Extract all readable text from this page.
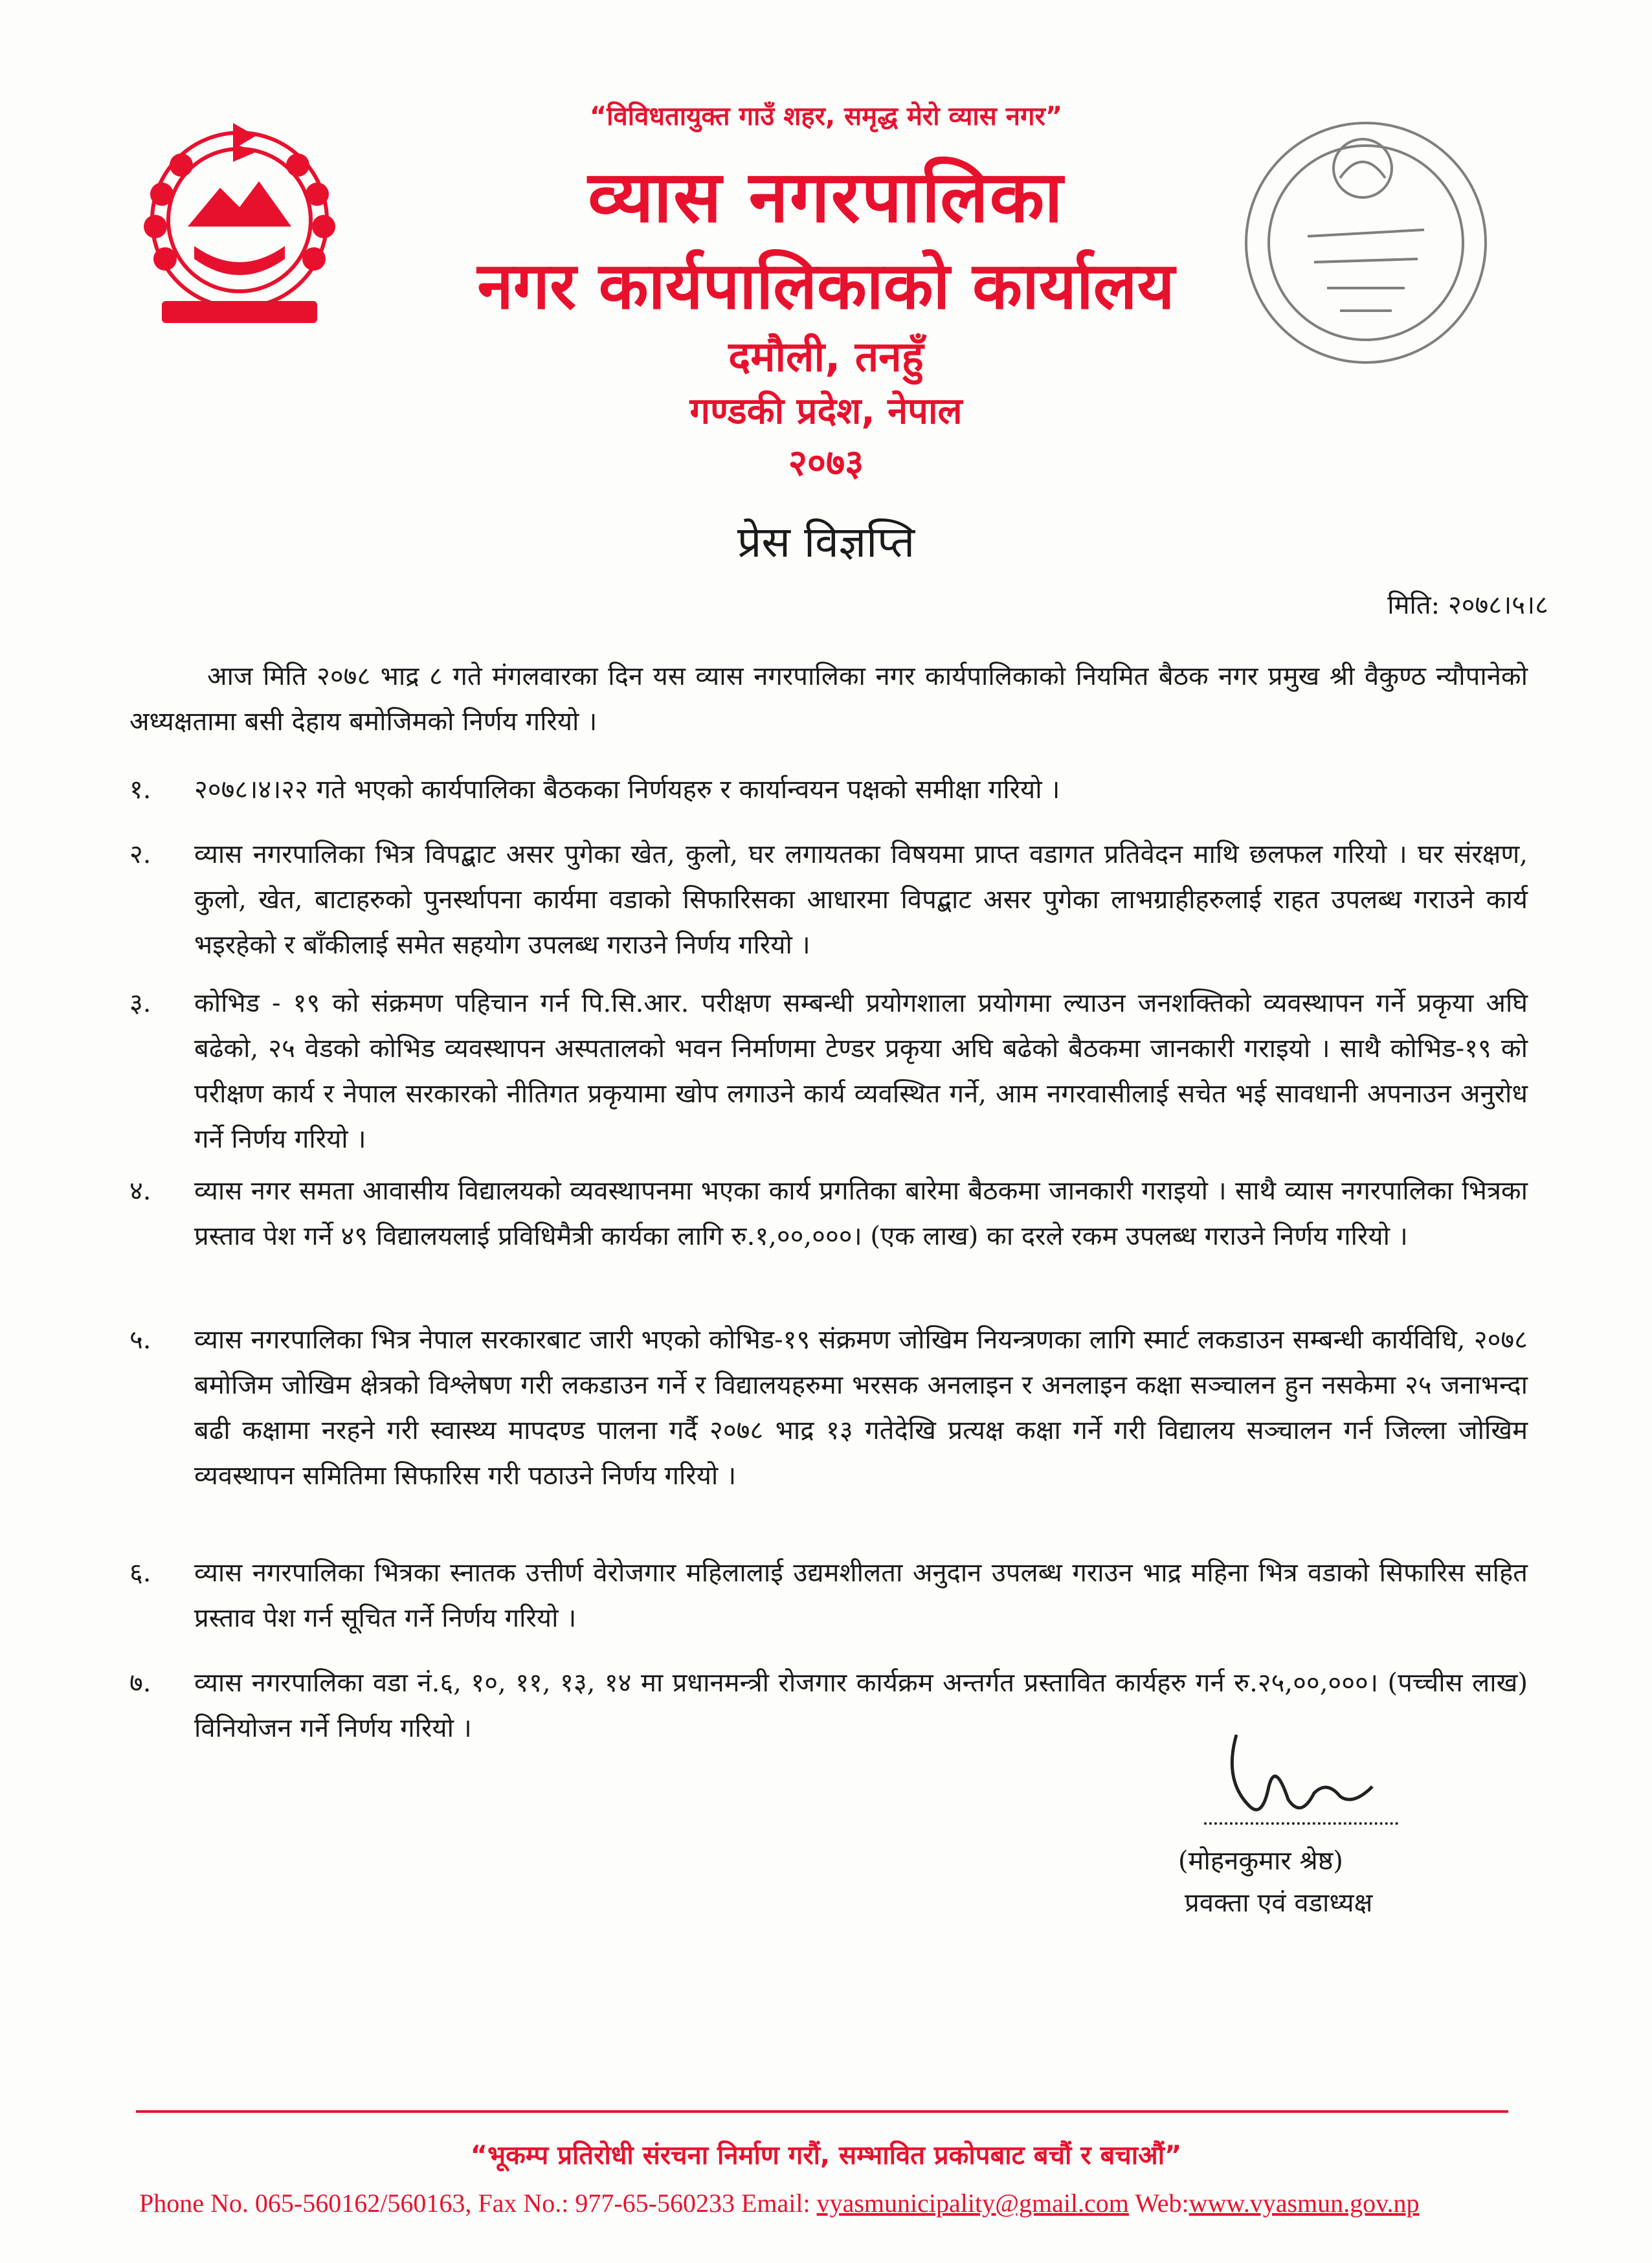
“विविधतायुक्त गाउँ शहर, समृद्ध मेरो व्यास नगर”
व्यास नगरपालिका
नगर कार्यपालिकाको कार्यालय
दमौली, तनहुँ
गण्डकी प्रदेश, नेपाल
२०७३
प्रेस विज्ञप्ति
मिति: २०७८।५।८
आज मिति २०७८ भाद्र ८ गते मंगलवारका दिन यस व्यास नगरपालिका नगर कार्यपालिकाको नियमित बैठक नगर प्रमुख श्री वैकुण्ठ न्यौपानेको अध्यक्षतामा बसी देहाय बमोजिमको निर्णय गरियो ।
१.	२०७८।४।२२ गते भएको कार्यपालिका बैठकका निर्णयहरु र कार्यान्वयन पक्षको समीक्षा गरियो ।
२.	व्यास नगरपालिका भित्र विपद्बाट असर पुगेका खेत, कुलो, घर लगायतका विषयमा प्राप्त वडागत प्रतिवेदन माथि छलफल गरियो । घर संरक्षण, कुलो, खेत, बाटाहरुको पुनर्स्थापना कार्यमा वडाको सिफारिसका आधारमा विपद्बाट असर पुगेका लाभग्राहीहरुलाई राहत उपलब्ध गराउने कार्य भइरहेको र बाँकीलाई समेत सहयोग उपलब्ध गराउने निर्णय गरियो ।
३.	कोभिड - १९ को संक्रमण पहिचान गर्न पि.सि.आर. परीक्षण सम्बन्धी प्रयोगशाला प्रयोगमा ल्याउन जनशक्तिको व्यवस्थापन गर्ने प्रकृया अघि बढेको, २५ वेडको कोभिड व्यवस्थापन अस्पतालको भवन निर्माणमा टेण्डर प्रकृया अघि बढेको बैठकमा जानकारी गराइयो । साथै कोभिड-१९ को परीक्षण कार्य र नेपाल सरकारको नीतिगत प्रकृयामा खोप लगाउने कार्य व्यवस्थित गर्ने, आम नगरवासीलाई सचेत भई सावधानी अपनाउन अनुरोध गर्ने निर्णय गरियो ।
४.	व्यास नगर समता आवासीय विद्यालयको व्यवस्थापनमा भएका कार्य प्रगतिका बारेमा बैठकमा जानकारी गराइयो । साथै व्यास नगरपालिका भित्रका प्रस्ताव पेश गर्ने ४९ विद्यालयलाई प्रविधिमैत्री कार्यका लागि रु.१,००,०००। (एक लाख) का दरले रकम उपलब्ध गराउने निर्णय गरियो ।
५.	व्यास नगरपालिका भित्र नेपाल सरकारबाट जारी भएको कोभिड-१९ संक्रमण जोखिम नियन्त्रणका लागि स्मार्ट लकडाउन सम्बन्धी कार्यविधि, २०७८ बमोजिम जोखिम क्षेत्रको विश्लेषण गरी लकडाउन गर्ने र विद्यालयहरुमा भरसक अनलाइन र अनलाइन कक्षा सञ्चालन हुन नसकेमा २५ जनाभन्दा बढी कक्षामा नरहने गरी स्वास्थ्य मापदण्ड पालना गर्दै २०७८ भाद्र १३ गतेदेखि प्रत्यक्ष कक्षा गर्ने गरी विद्यालय सञ्चालन गर्न जिल्ला जोखिम व्यवस्थापन समितिमा सिफारिस गरी पठाउने निर्णय गरियो ।
६.	व्यास नगरपालिका भित्रका स्नातक उत्तीर्ण वेरोजगार महिलालाई उद्यमशीलता अनुदान उपलब्ध गराउन भाद्र महिना भित्र वडाको सिफारिस सहित प्रस्ताव पेश गर्न सूचित गर्ने निर्णय गरियो ।
७.	व्यास नगरपालिका वडा नं.६, १०, ११, १३, १४ मा प्रधानमन्त्री रोजगार कार्यक्रम अन्तर्गत प्रस्तावित कार्यहरु गर्न रु.२५,००,०००। (पच्चीस लाख) विनियोजन गर्ने निर्णय गरियो ।
(मोहनकुमार श्रेष्ठ)
प्रवक्ता एवं वडाध्यक्ष
“भूकम्प प्रतिरोधी संरचना निर्माण गरौं, सम्भावित प्रकोपबाट बचौं र बचाऔं”
Phone No. 065-560162/560163, Fax No.: 977-65-560233 Email: vyasmunicipality@gmail.com Web:www.vyasmun.gov.np
